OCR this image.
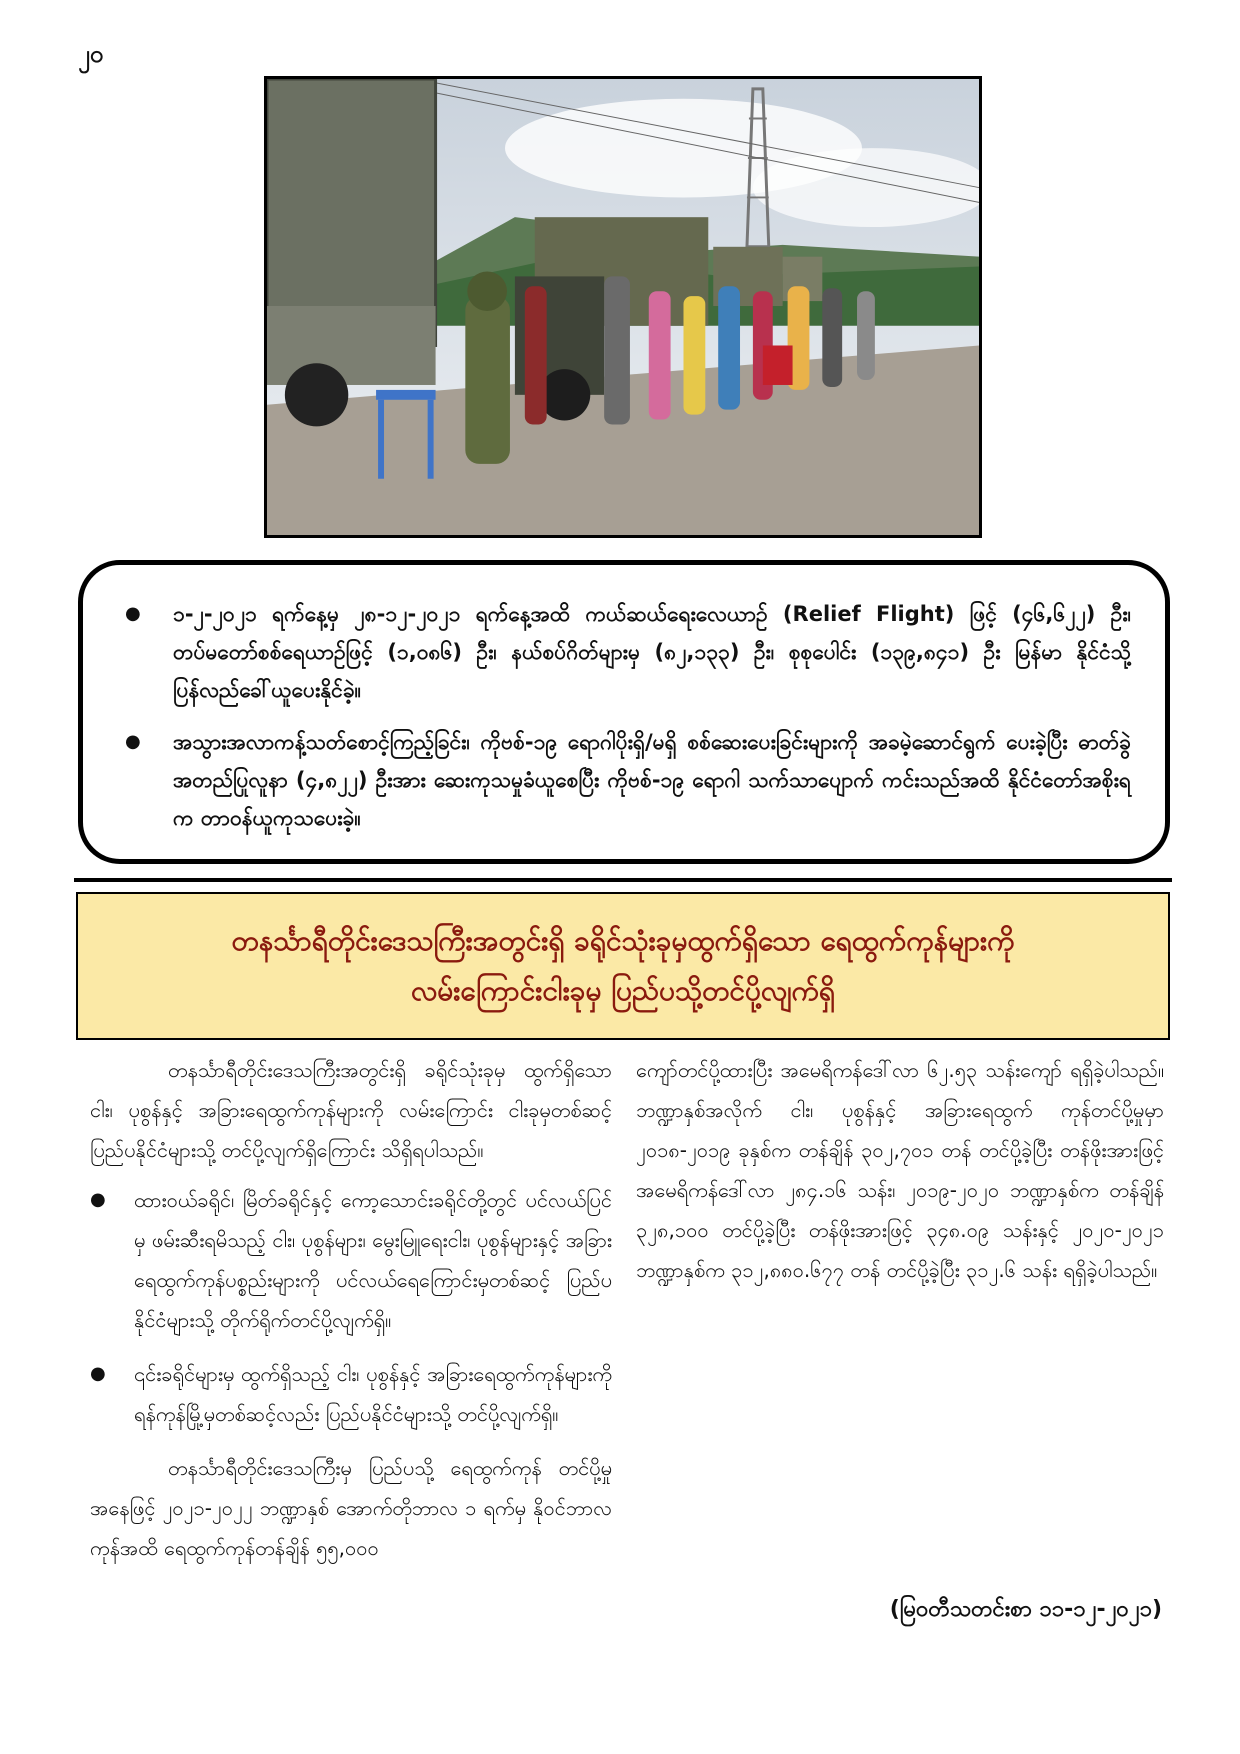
၂၀
● ၁-၂-၂၀၂၁ ရက်နေ့မှ ၂၈-၁၂-၂၀၂၁ ရက်နေ့အထိ ကယ်ဆယ်ရေးလေယာဉ် (Relief Flight) ဖြင့် (၄၆,၆၂၂) ဦး၊ တပ်မတော်စစ်ရေယာဉ်ဖြင့် (၁,၀၈၆) ဦး၊ နယ်စပ်ဂိတ်များမှ (၈၂,၁၃၃) ဦး၊ စုစုပေါင်း (၁၃၉,၈၄၁) ဦး မြန်မာ နိုင်ငံသို့ ပြန်လည်ခေါ်ယူပေးနိုင်ခဲ့။
● အသွားအလာကန့်သတ်စောင့်ကြည့်ခြင်း၊ ကိုဗစ်-၁၉ ရောဂါပိုးရှိ/မရှိ စစ်ဆေးပေးခြင်းများကို အခမဲ့ဆောင်ရွက် ပေးခဲ့ပြီး ဓာတ်ခွဲအတည်ပြုလူနာ (၄,၈၂၂) ဦးအား ဆေးကုသမှုခံယူစေပြီး ကိုဗစ်-၁၉ ရောဂါ သက်သာပျောက် ကင်းသည်အထိ နိုင်ငံတော်အစိုးရက တာဝန်ယူကုသပေးခဲ့။
တနင်္သာရီတိုင်းဒေသကြီးအတွင်းရှိ ခရိုင်သုံးခုမှထွက်ရှိသော ရေထွက်ကုန်များကို
လမ်းကြောင်းငါးခုမှ ပြည်ပသို့တင်ပို့လျက်ရှိ

တနင်္သာရီတိုင်းဒေသကြီးအတွင်းရှိ ခရိုင်သုံးခုမှ ထွက်ရှိသော ငါး၊ ပုစွန်နှင့် အခြားရေထွက်ကုန်များကို လမ်းကြောင်း ငါးခုမှတစ်ဆင့် ပြည်ပနိုင်ငံများသို့ တင်ပို့လျက်ရှိကြောင်း သိရှိရပါသည်။

● ထားဝယ်ခရိုင်၊ မြိတ်ခရိုင်နှင့် ကော့သောင်းခရိုင်တို့တွင် ပင်လယ်ပြင်မှ ဖမ်းဆီးရမိသည့် ငါး၊ ပုစွန်များ၊ မွေးမြူရေးငါး၊ ပုစွန်များနှင့် အခြားရေထွက်ကုန်ပစ္စည်းများကို ပင်လယ်ရေကြောင်းမှတစ်ဆင့် ပြည်ပနိုင်ငံများသို့ တိုက်ရိုက်တင်ပို့လျက်ရှိ။
● ၎င်းခရိုင်များမှ ထွက်ရှိသည့် ငါး၊ ပုစွန်နှင့် အခြားရေထွက်ကုန်များကို ရန်ကုန်မြို့မှတစ်ဆင့်လည်း ပြည်ပနိုင်ငံများသို့ တင်ပို့လျက်ရှိ။

တနင်္သာရီတိုင်းဒေသကြီးမှ ပြည်ပသို့ ရေထွက်ကုန် တင်ပို့မှုအနေဖြင့် ၂၀၂၁-၂၀၂၂ ဘဏ္ဍာနှစ် အောက်တိုဘာလ ၁ ရက်မှ နိုဝင်ဘာလကုန်အထိ ရေထွက်ကုန်တန်ချိန် ၅၅,၀၀၀

ကျော်တင်ပို့ထားပြီး အမေရိကန်ဒေါ်လာ ၆၂.၅၃ သန်းကျော် ရရှိခဲ့ပါသည်။ ဘဏ္ဍာနှစ်အလိုက် ငါး၊ ပုစွန်နှင့် အခြားရေထွက် ကုန်တင်ပို့မှုမှာ ၂၀၁၈-၂၀၁၉ ခုနှစ်က တန်ချိန် ၃၀၂,၇၀၁ တန် တင်ပို့ခဲ့ပြီး တန်ဖိုးအားဖြင့် အမေရိကန်ဒေါ်လာ ၂၈၄.၁၆ သန်း၊ ၂၀၁၉-၂၀၂၀ ဘဏ္ဍာနှစ်က တန်ချိန် ၃၂၈,၁၀၀ တင်ပို့ခဲ့ပြီး တန်ဖိုးအားဖြင့် ၃၄၈.၀၉ သန်းနှင့် ၂၀၂၀-၂၀၂၁ ဘဏ္ဍာနှစ်က ၃၁၂,၈၈၀.၆၇၇ တန် တင်ပို့ခဲ့ပြီး ၃၁၂.၆ သန်း ရရှိခဲ့ပါသည်။

(မြဝတီသတင်းစာ ၁၁-၁၂-၂၀၂၁)
